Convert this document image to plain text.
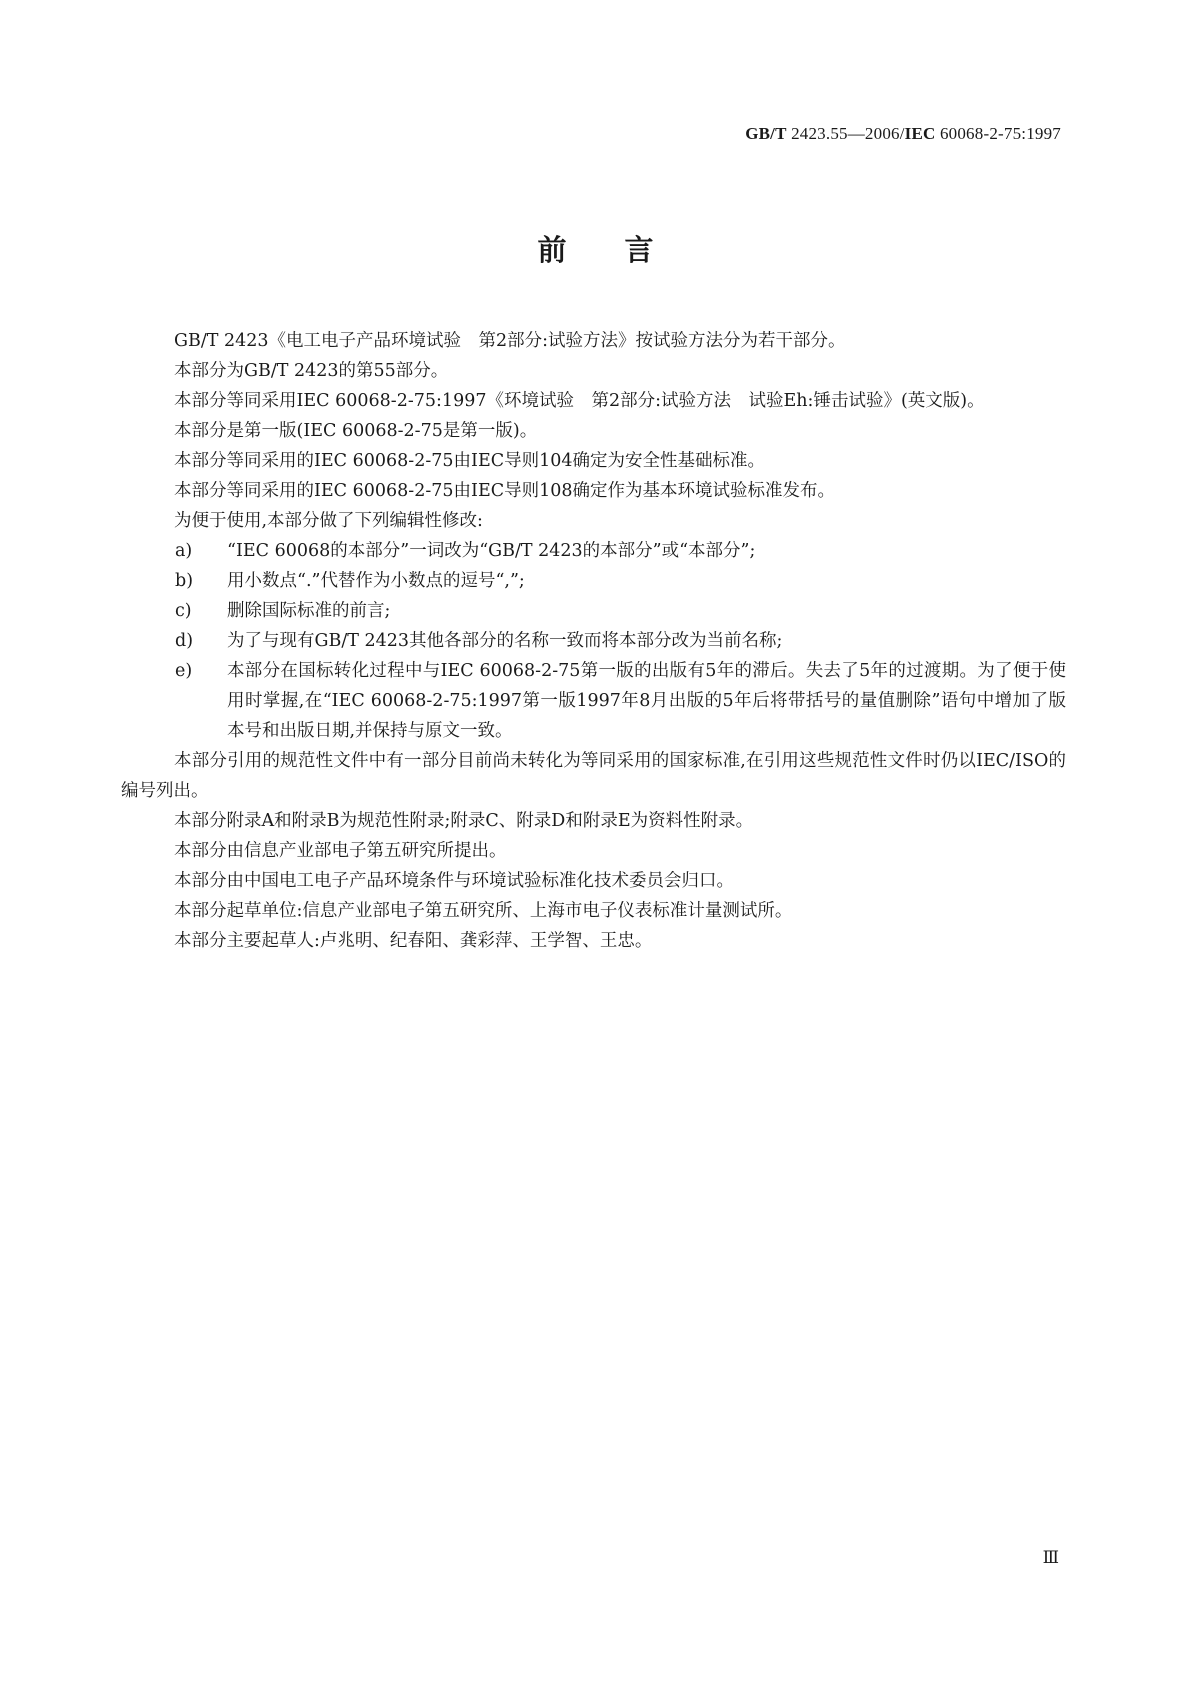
GB/T 2423.55—2006/IEC 60068-2-75:1997
前言

GB/T 2423《电工电子产品环境试验　第2部分:试验方法》按试验方法分为若干部分。

本部分为GB/T 2423的第55部分。

本部分等同采用IEC 60068-2-75:1997《环境试验　第2部分:试验方法　试验Eh:锤击试验》(英文版)。

本部分是第一版(IEC 60068-2-75是第一版)。

本部分等同采用的IEC 60068-2-75由IEC导则104确定为安全性基础标准。

本部分等同采用的IEC 60068-2-75由IEC导则108确定作为基本环境试验标准发布。

为便于使用,本部分做了下列编辑性修改:

a)	“IEC 60068的本部分”一词改为“GB/T 2423的本部分”或“本部分”;
b)	用小数点“.”代替作为小数点的逗号“,”;
c)	删除国际标准的前言;
d)	为了与现有GB/T 2423其他各部分的名称一致而将本部分改为当前名称;
e)	本部分在国标转化过程中与IEC 60068-2-75第一版的出版有5年的滞后。失去了5年的过渡期。为了便于使用时掌握,在“IEC 60068-2-75:1997第一版1997年8月出版的5年后将带括号的量值删除”语句中增加了版本号和出版日期,并保持与原文一致。

本部分引用的规范性文件中有一部分目前尚未转化为等同采用的国家标准,在引用这些规范性文件时仍以IEC/ISO的编号列出。

本部分附录A和附录B为规范性附录;附录C、附录D和附录E为资料性附录。

本部分由信息产业部电子第五研究所提出。

本部分由中国电工电子产品环境条件与环境试验标准化技术委员会归口。

本部分起草单位:信息产业部电子第五研究所、上海市电子仪表标准计量测试所。

本部分主要起草人:卢兆明、纪春阳、龚彩萍、王学智、王忠。

Ⅲ
